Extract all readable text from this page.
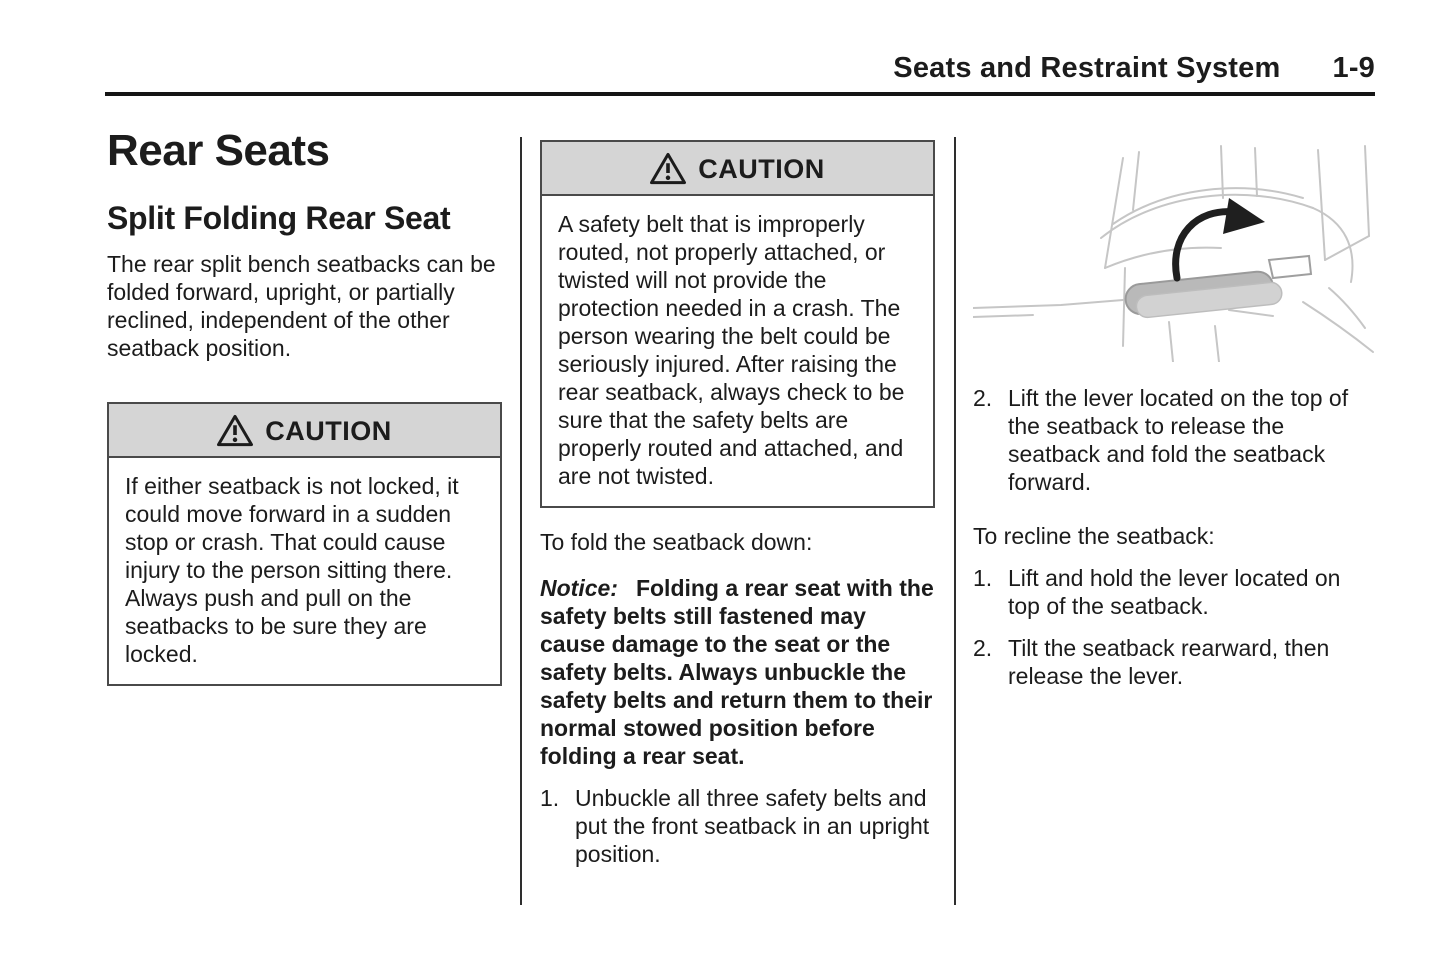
Seats and Restraint System 1-9
Rear Seats
Split Folding Rear Seat

The rear split bench seatbacks can be folded forward, upright, or partially reclined, independent of the other seatback position.

CAUTION
If either seatback is not locked, it could move forward in a sudden stop or crash. That could cause injury to the person sitting there. Always push and pull on the seatbacks to be sure they are locked.
CAUTION
A safety belt that is improperly routed, not properly attached, or twisted will not provide the protection needed in a crash. The person wearing the belt could be seriously injured. After raising the rear seatback, always check to be sure that the safety belts are properly routed and attached, and are not twisted.

To fold the seatback down:

Notice: Folding a rear seat with the safety belts still fastened may cause damage to the seat or the safety belts. Always unbuckle the safety belts and return them to their normal stowed position before folding a rear seat.

1. Unbuckle all three safety belts and put the front seatback in an upright position.
2. Lift the lever located on the top of the seatback to release the seatback and fold the seatback forward.

To recline the seatback:

1. Lift and hold the lever located on top of the seatback.
2. Tilt the seatback rearward, then release the lever.
